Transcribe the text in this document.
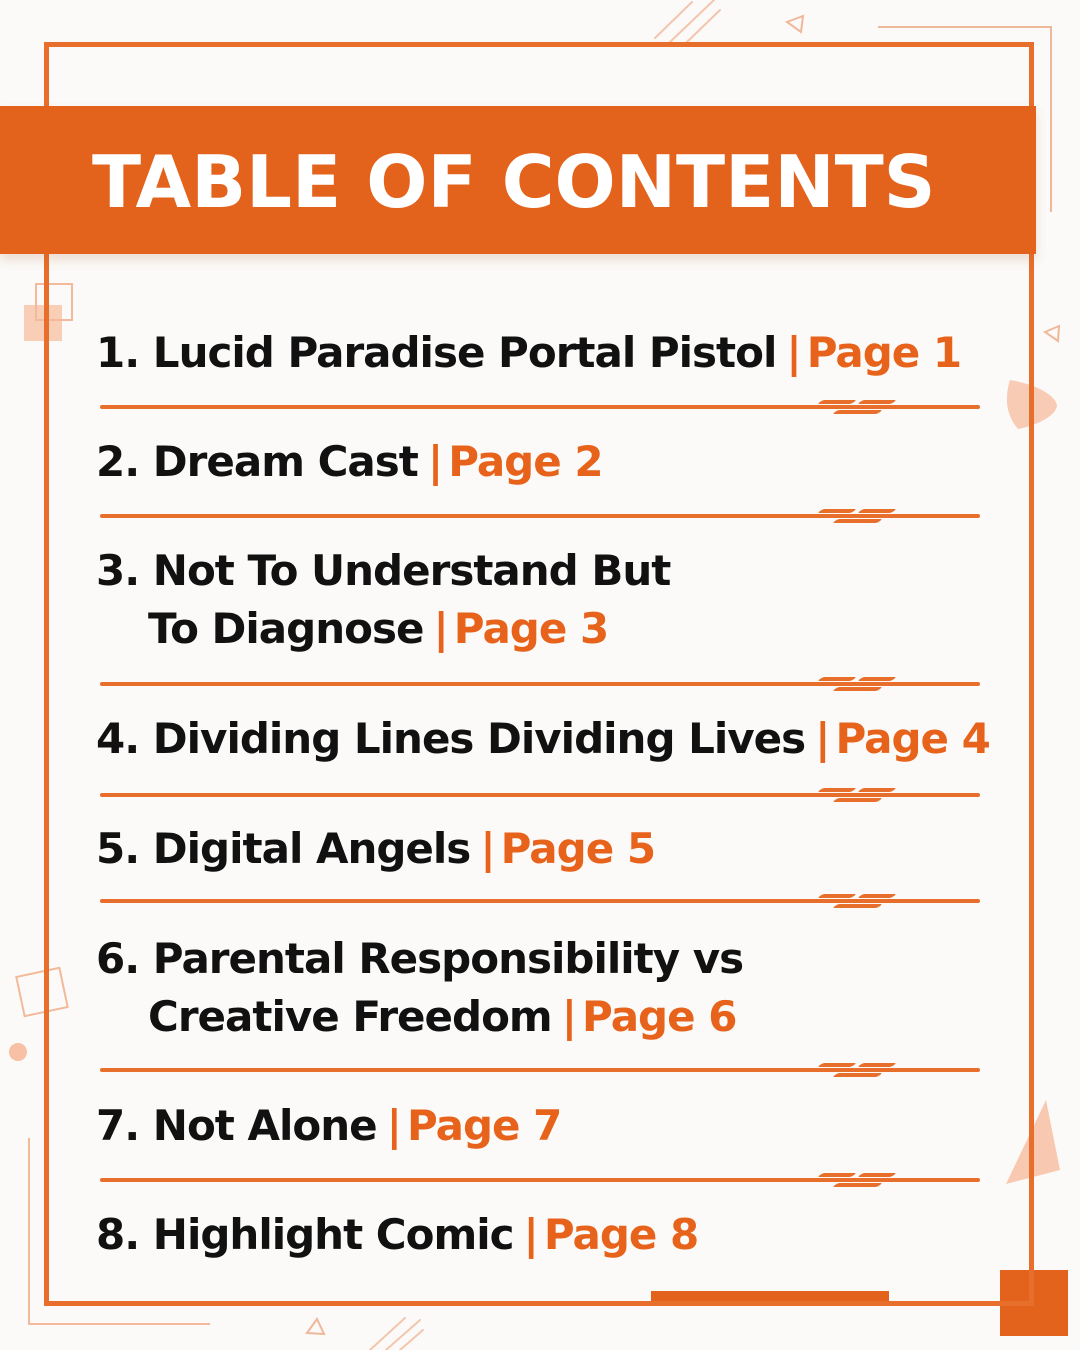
TABLE OF CONTENTS
1. Lucid Paradise Portal Pistol | Page 1
2. Dream Cast | Page 2
3. Not To Understand But
To Diagnose | Page 3
4. Dividing Lines Dividing Lives | Page 4
5. Digital Angels | Page 5
6. Parental Responsibility vs
Creative Freedom | Page 6
7. Not Alone | Page 7
8. Highlight Comic | Page 8
